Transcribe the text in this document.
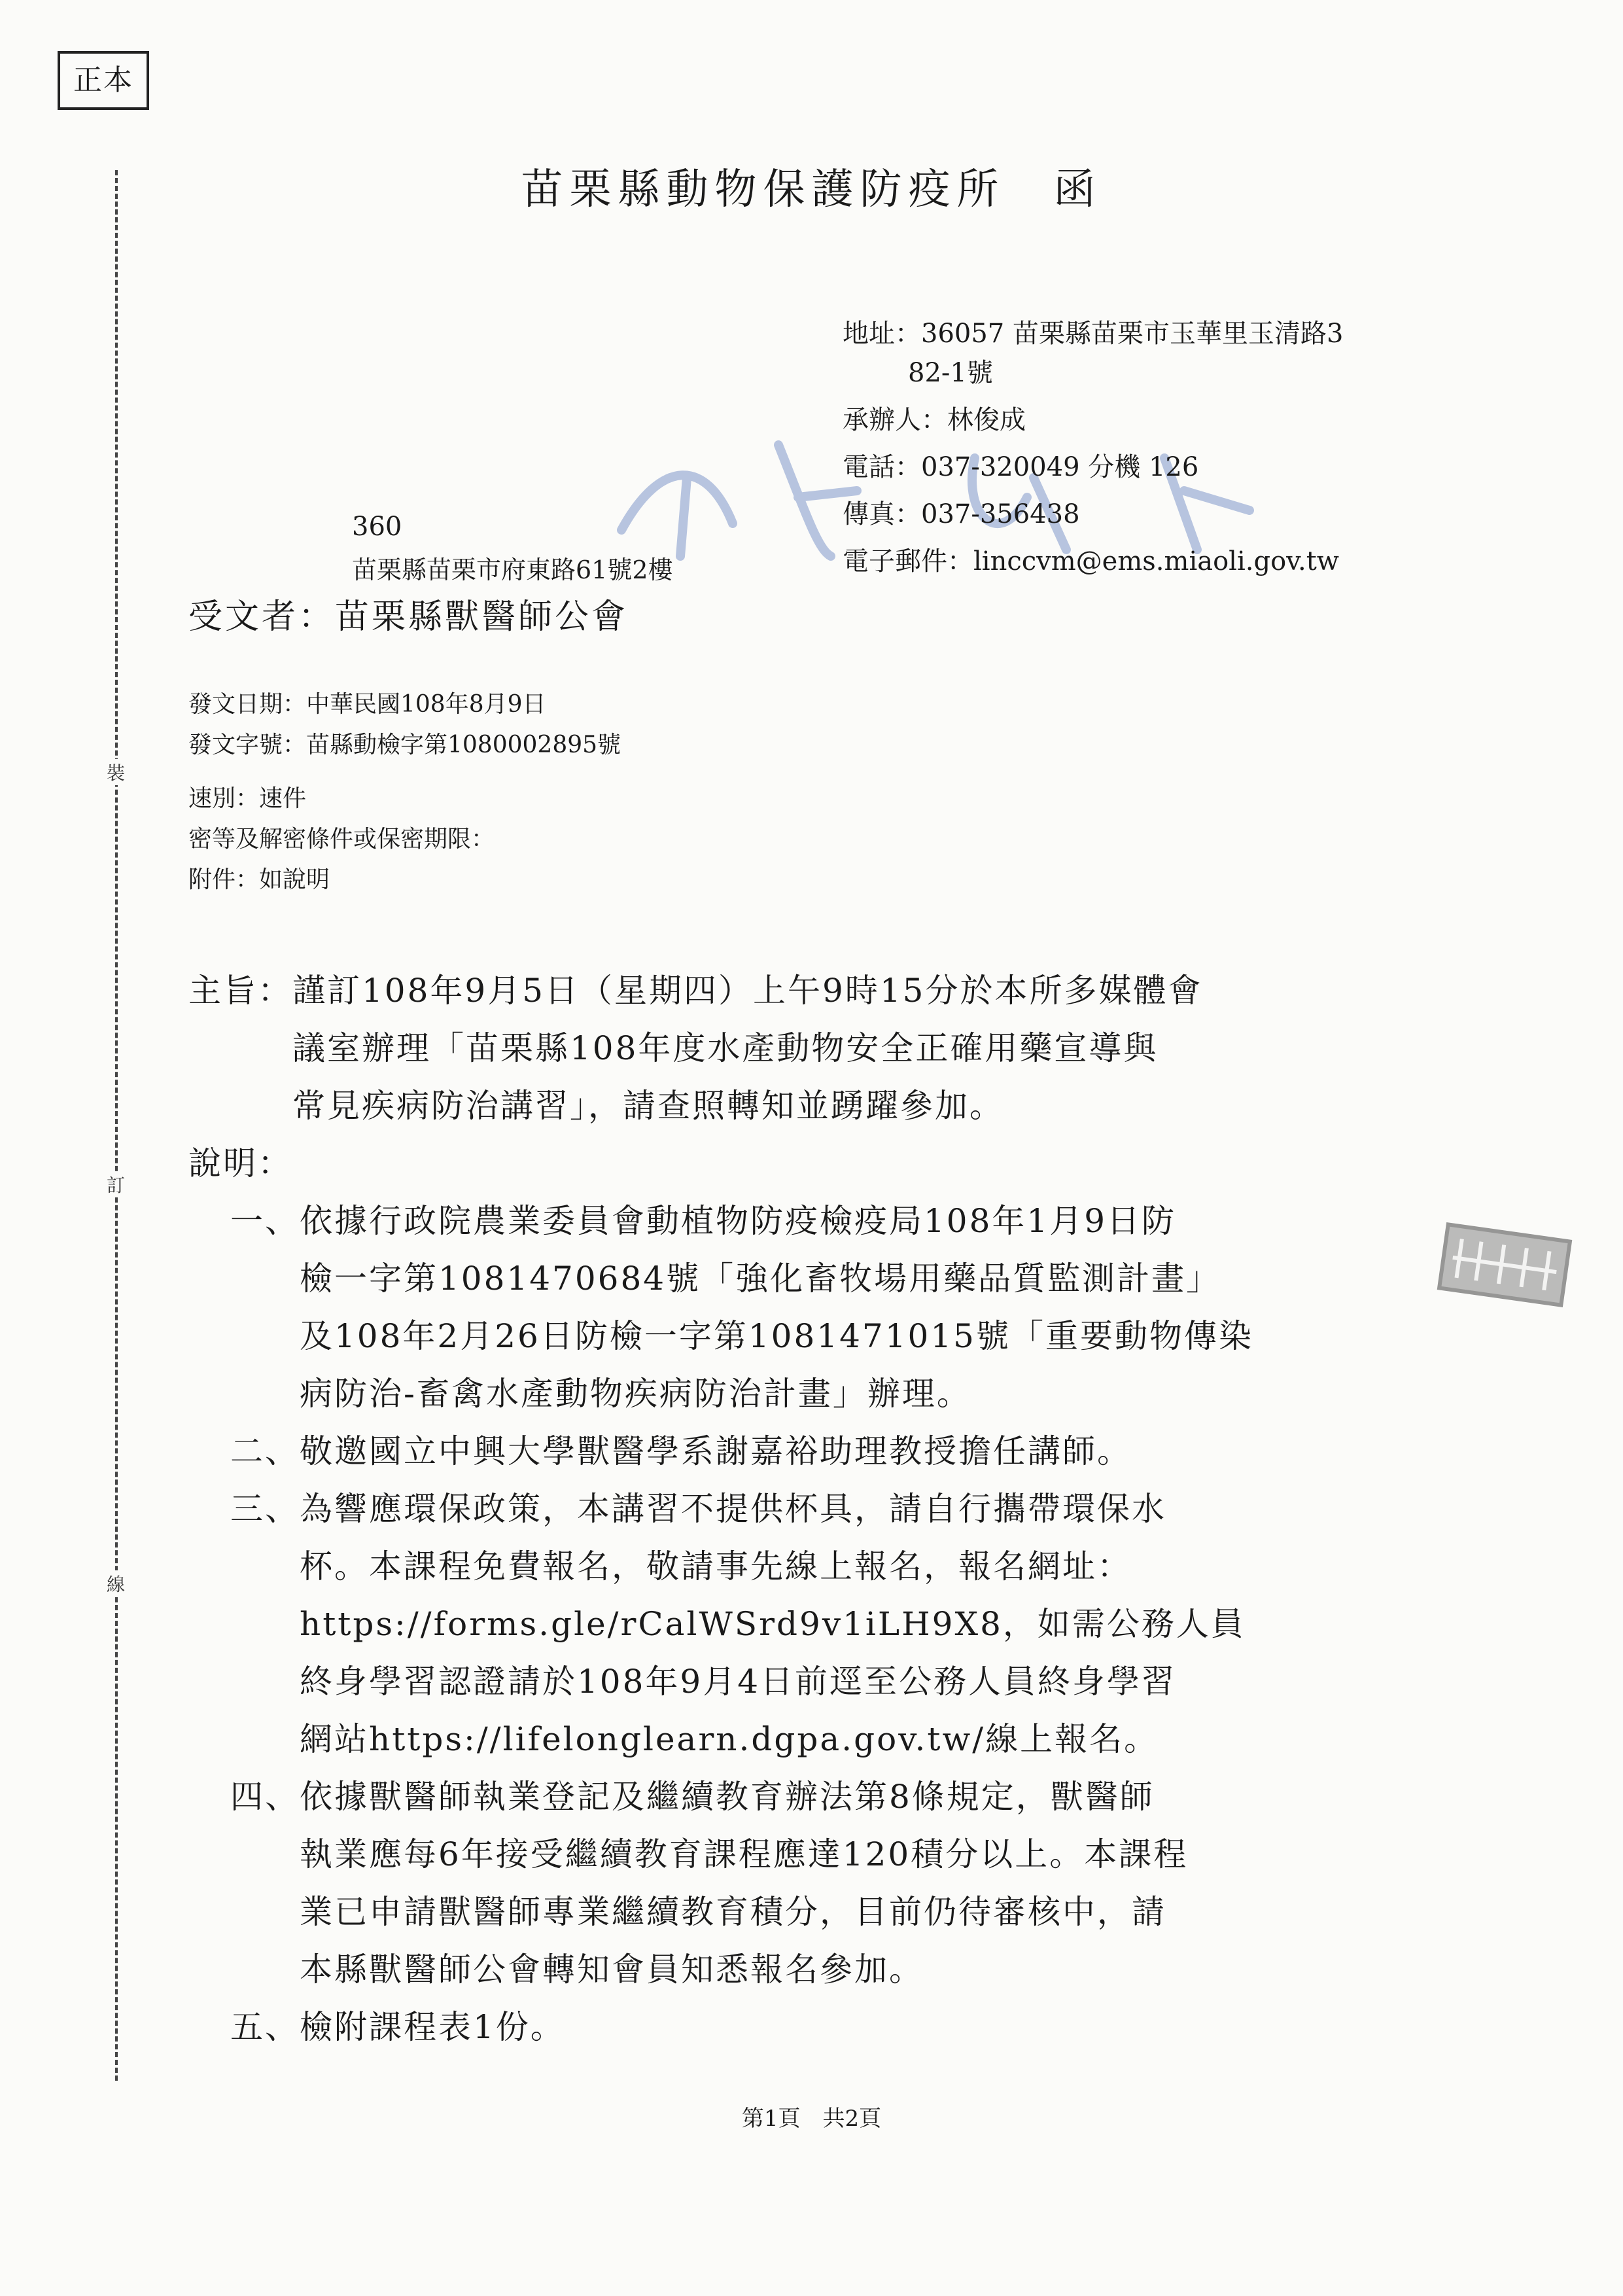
正本
裝
訂
線
苗栗縣動物保護防疫所　函
地址：36057 苗栗縣苗栗市玉華里玉清路3
82-1號
承辦人：林俊成
電話：037-320049 分機 126
傳真：037-356438
電子郵件：linccvm@ems.miaoli.gov.tw
360
苗栗縣苗栗市府東路61號2樓
受文者：苗栗縣獸醫師公會
發文日期：中華民國108年8月9日
發文字號：苗縣動檢字第1080002895號
速別：速件
密等及解密條件或保密期限：
附件：如說明
主旨： 謹訂108年9月5日（星期四）上午9時15分於本所多媒體會
議室辦理「苗栗縣108年度水產動物安全正確用藥宣導與
常見疾病防治講習」，請查照轉知並踴躍參加。
說明：
一、 依據行政院農業委員會動植物防疫檢疫局108年1月9日防
檢一字第1081470684號「強化畜牧場用藥品質監測計畫」
及108年2月26日防檢一字第1081471015號「重要動物傳染
病防治-畜禽水產動物疾病防治計畫」辦理。
二、 敬邀國立中興大學獸醫學系謝嘉裕助理教授擔任講師。
三、 為響應環保政策，本講習不提供杯具，請自行攜帶環保水
杯。本課程免費報名，敬請事先線上報名，報名網址：
https://forms.gle/rCalWSrd9v1iLH9X8，如需公務人員
終身學習認證請於108年9月4日前逕至公務人員終身學習
網站https://lifelonglearn.dgpa.gov.tw/線上報名。
四、 依據獸醫師執業登記及繼續教育辦法第8條規定，獸醫師
執業應每6年接受繼續教育課程應達120積分以上。本課程
業已申請獸醫師專業繼續教育積分，目前仍待審核中，請
本縣獸醫師公會轉知會員知悉報名參加。
五、 檢附課程表1份。
第1頁　共2頁
